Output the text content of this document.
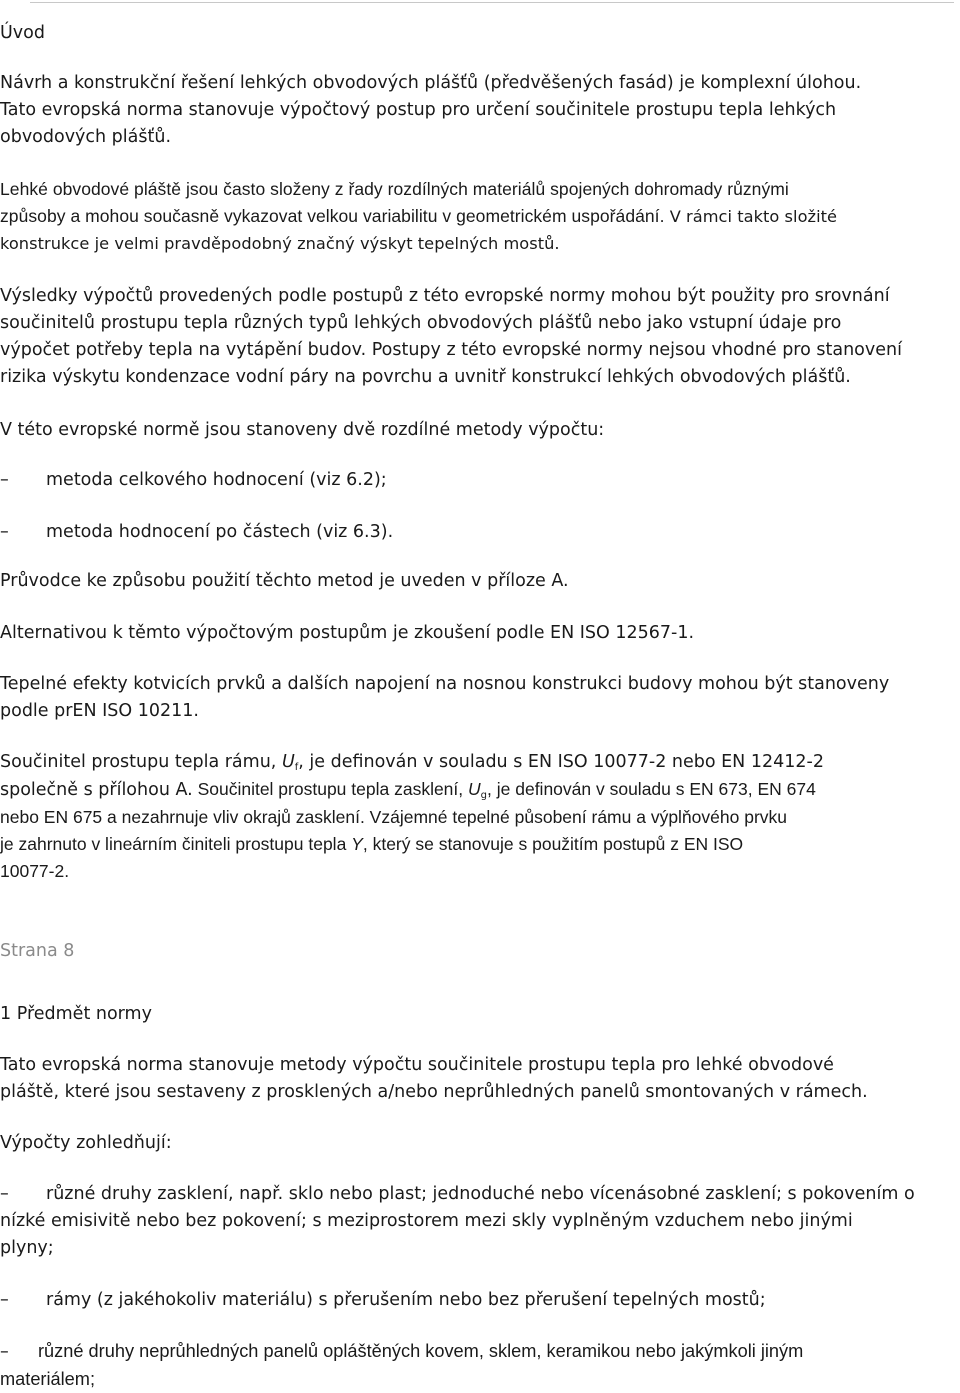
Úvod
Návrh a konstrukční řešení lehkých obvodových plášťů (předvěšených fasád) je komplexní úlohou.
Tato evropská norma stanovuje výpočtový postup pro určení součinitele prostupu tepla lehkých
obvodových plášťů.
Lehké obvodové pláště jsou často složeny z řady rozdílných materiálů spojených dohromady různými
způsoby a mohou současně vykazovat velkou variabilitu v geometrickém uspořádání. V rámci takto složité
konstrukce je velmi pravděpodobný značný výskyt tepelných mostů.
Výsledky výpočtů provedených podle postupů z této evropské normy mohou být použity pro srovnání
součinitelů prostupu tepla různých typů lehkých obvodových plášťů nebo jako vstupní údaje pro
výpočet potřeby tepla na vytápění budov. Postupy z této evropské normy nejsou vhodné pro stanovení
rizika výskytu kondenzace vodní páry na povrchu a uvnitř konstrukcí lehkých obvodových plášťů.
V této evropské normě jsou stanoveny dvě rozdílné metody výpočtu:
– metoda celkového hodnocení (viz 6.2);
– metoda hodnocení po částech (viz 6.3).
Průvodce ke způsobu použití těchto metod je uveden v příloze A.
Alternativou k těmto výpočtovým postupům je zkoušení podle EN ISO 12567-1.
Tepelné efekty kotvicích prvků a dalších napojení na nosnou konstrukci budovy mohou být stanoveny
podle prEN ISO 10211.
Součinitel prostupu tepla rámu, $U_f$, je definován v souladu s EN ISO 10077-2 nebo EN 12412-2
společně s přílohou A. Součinitel prostupu tepla zasklení, $U_g$, je definován v souladu s EN 673, EN 674
nebo EN 675 a nezahrnuje vliv okrajů zasklení. Vzájemné tepelné působení rámu a výplňového prvku
je zahrnuto v lineárním činiteli prostupu tepla Y, který se stanovuje s použitím postupů z EN ISO
10077-2.
Strana 8
1 Předmět normy
Tato evropská norma stanovuje metody výpočtu součinitele prostupu tepla pro lehké obvodové
pláště, které jsou sestaveny z prosklených a/nebo neprůhledných panelů smontovaných v rámech.
Výpočty zohledňují:
– různé druhy zasklení, např. sklo nebo plast; jednoduché nebo vícenásobné zasklení; s pokovením o
nízké emisivitě nebo bez pokovení; s meziprostorem mezi skly vyplněným vzduchem nebo jinými
plyny;
– rámy (z jakéhokoliv materiálu) s přerušením nebo bez přerušení tepelných mostů;
– různé druhy neprůhledných panelů opláštěných kovem, sklem, keramikou nebo jakýmkoli jiným
materiálem;
